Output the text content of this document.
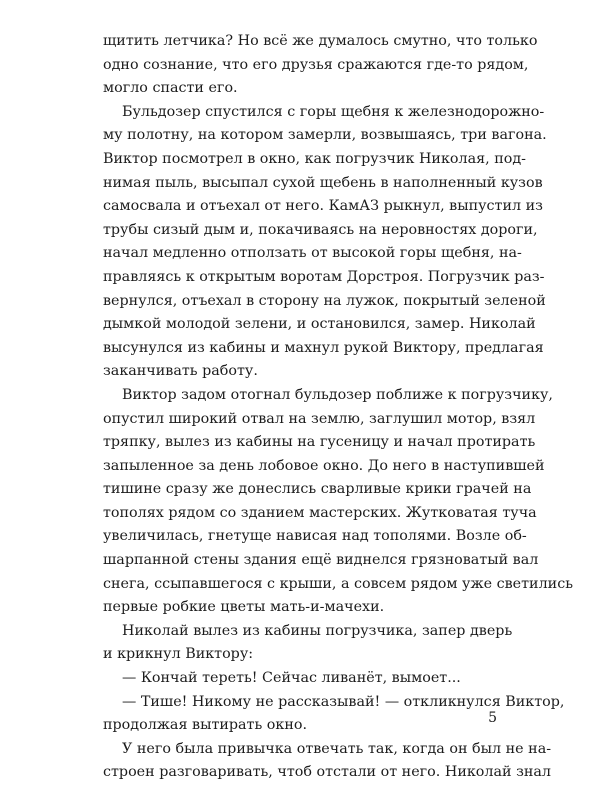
щитить летчика? Но всё же думалось смутно, что только
одно сознание, что его друзья сражаются где-то рядом,
могло спасти его.
Бульдозер спустился с горы щебня к железнодорожно-
му полотну, на котором замерли, возвышаясь, три вагона.
Виктор посмотрел в окно, как погрузчик Николая, под-
нимая пыль, высыпал сухой щебень в наполненный кузов
самосвала и отъехал от него. КамАЗ рыкнул, выпустил из
трубы сизый дым и, покачиваясь на неровностях дороги,
начал медленно отползать от высокой горы щебня, на-
правляясь к открытым воротам Дорстроя. Погрузчик раз-
вернулся, отъехал в сторону на лужок, покрытый зеленой
дымкой молодой зелени, и остановился, замер. Николай
высунулся из кабины и махнул рукой Виктору, предлагая
заканчивать работу.
Виктор задом отогнал бульдозер поближе к погрузчику,
опустил широкий отвал на землю, заглушил мотор, взял
тряпку, вылез из кабины на гусеницу и начал протирать
запыленное за день лобовое окно. До него в наступившей
тишине сразу же донеслись сварливые крики грачей на
тополях рядом со зданием мастерских. Жутковатая туча
увеличилась, гнетуще нависая над тополями. Возле об-
шарпанной стены здания ещё виднелся грязноватый вал
снега, ссыпавшегося с крыши, а совсем рядом уже светились
первые робкие цветы мать-и-мачехи.
Николай вылез из кабины погрузчика, запер дверь
и крикнул Виктору:
— Кончай тереть! Сейчас ливанёт, вымоет...
— Тише! Никому не рассказывай! — откликнулся Виктор,
продолжая вытирать окно.
У него была привычка отвечать так, когда он был не на-
строен разговаривать, чтоб отстали от него. Николай знал
5
